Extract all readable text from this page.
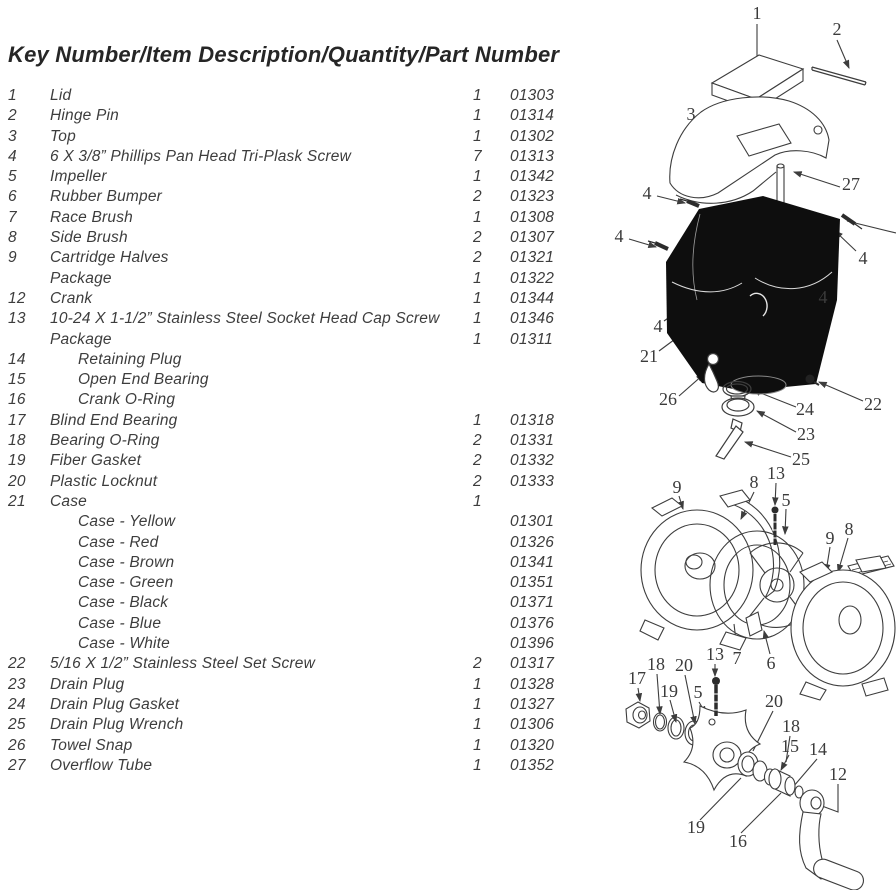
Key Number/Item Description/Quantity/Part Number
1	Lid	1	01303
2	Hinge Pin	1	01314
3	Top	1	01302
4	6 X 3/8” Phillips Pan Head Tri-Plask Screw	7	01313
5	Impeller	1	01342
6	Rubber Bumper	2	01323
7	Race Brush	1	01308
8	Side Brush	2	01307
9	Cartridge Halves	2	01321
Package	1	01322
12	Crank	1	01344
13	10-24 X 1-1/2” Stainless Steel Socket Head Cap Screw	1	01346
Package	1	01311
14	Retaining Plug
15	Open End Bearing
16	Crank O-Ring
17	Blind End Bearing	1	01318
18	Bearing O-Ring	2	01331
19	Fiber Gasket	2	01332
20	Plastic Locknut	2	01333
21	Case	1
Case - Yellow	01301
Case - Red	01326
Case - Brown	01341
Case - Green	01351
Case - Black	01371
Case - Blue	01376
Case - White	01396
22	5/16 X 1/2” Stainless Steel Set Screw	2	01317
23	Drain Plug	1	01328
24	Drain Plug Gasket	1	01327
25	Drain Plug Wrench	1	01306
26	Towel Snap	1	01320
27	Overflow Tube	1	01352
1
2
3
27
4
4
4
4
4
21
26	22
24
23
25
9	8 13
5
8
9
7 6
18 20
13
17
19 5	20
18
15 14
12
19
16
